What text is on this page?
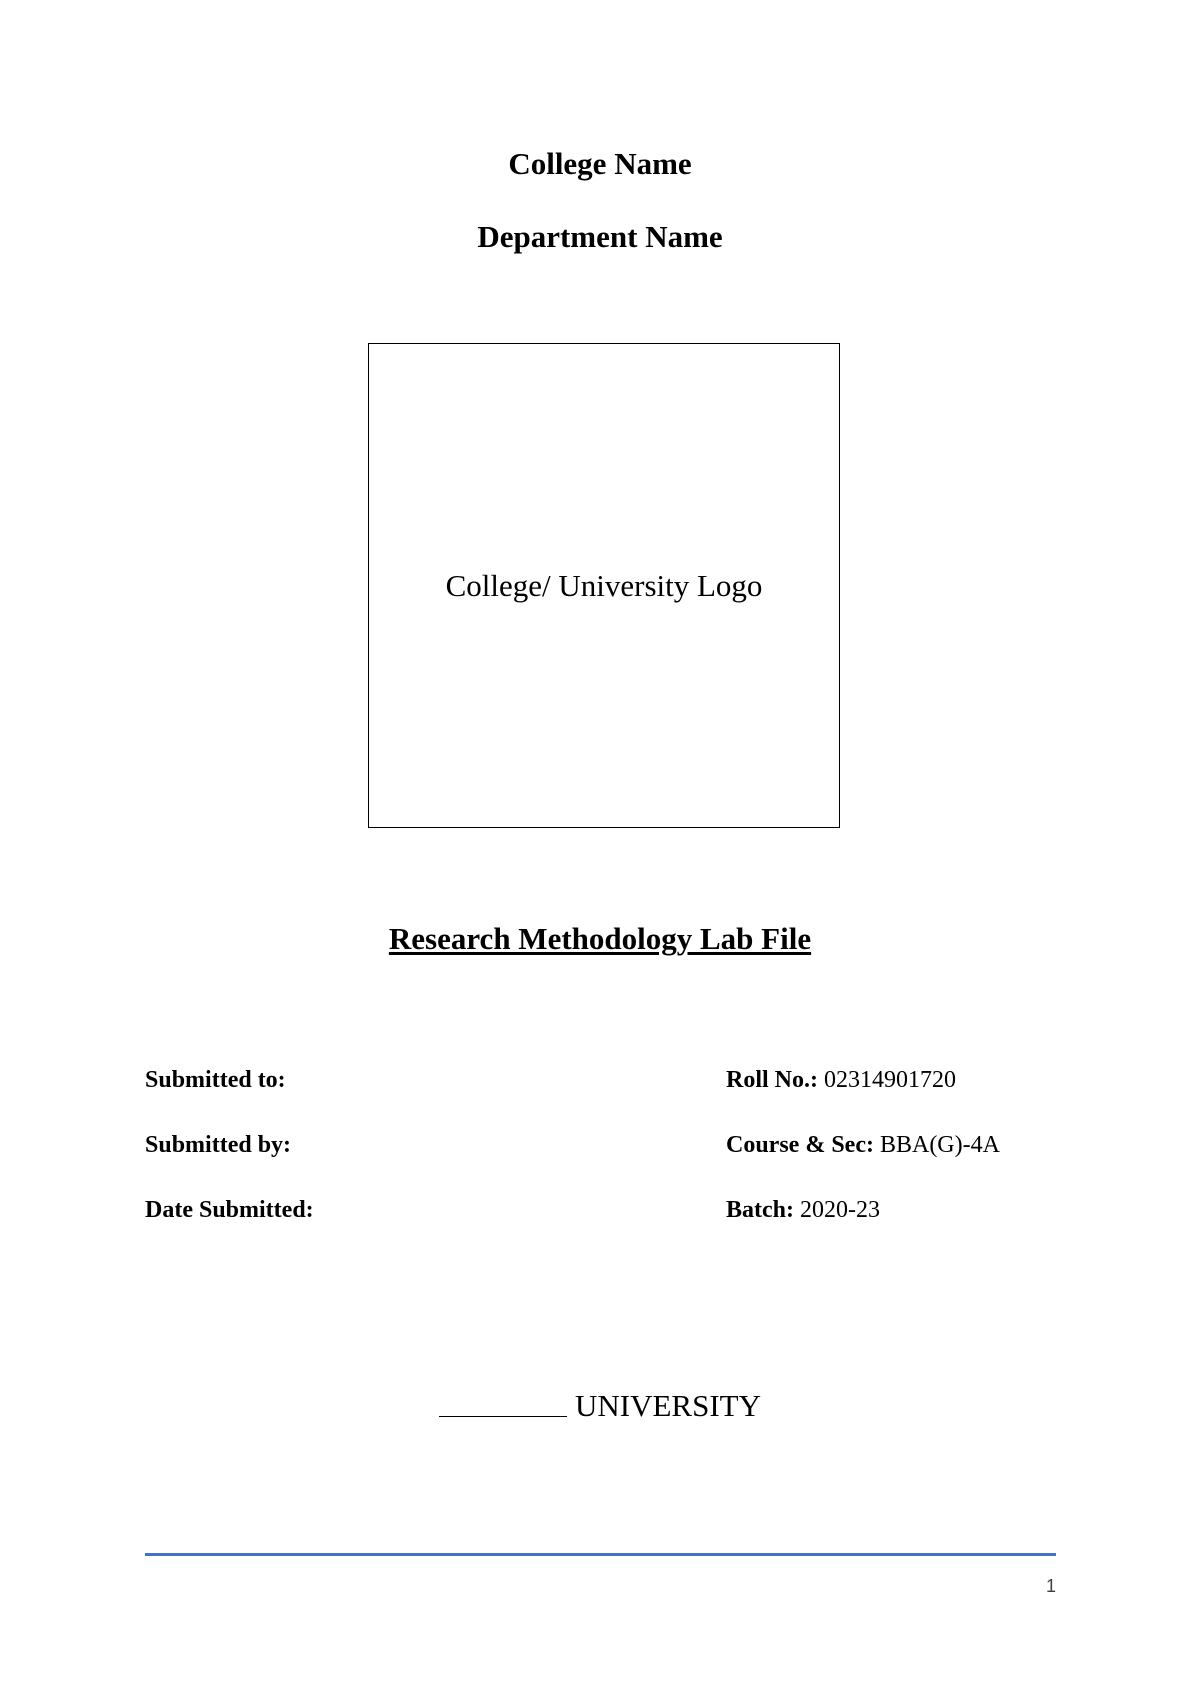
College Name
Department Name
College/ University Logo
Research Methodology Lab File
Submitted to:
Submitted by:
Date Submitted:
Roll No.: 02314901720
Course & Sec: BBA(G)-4A
Batch: 2020-23
UNIVERSITY
1
